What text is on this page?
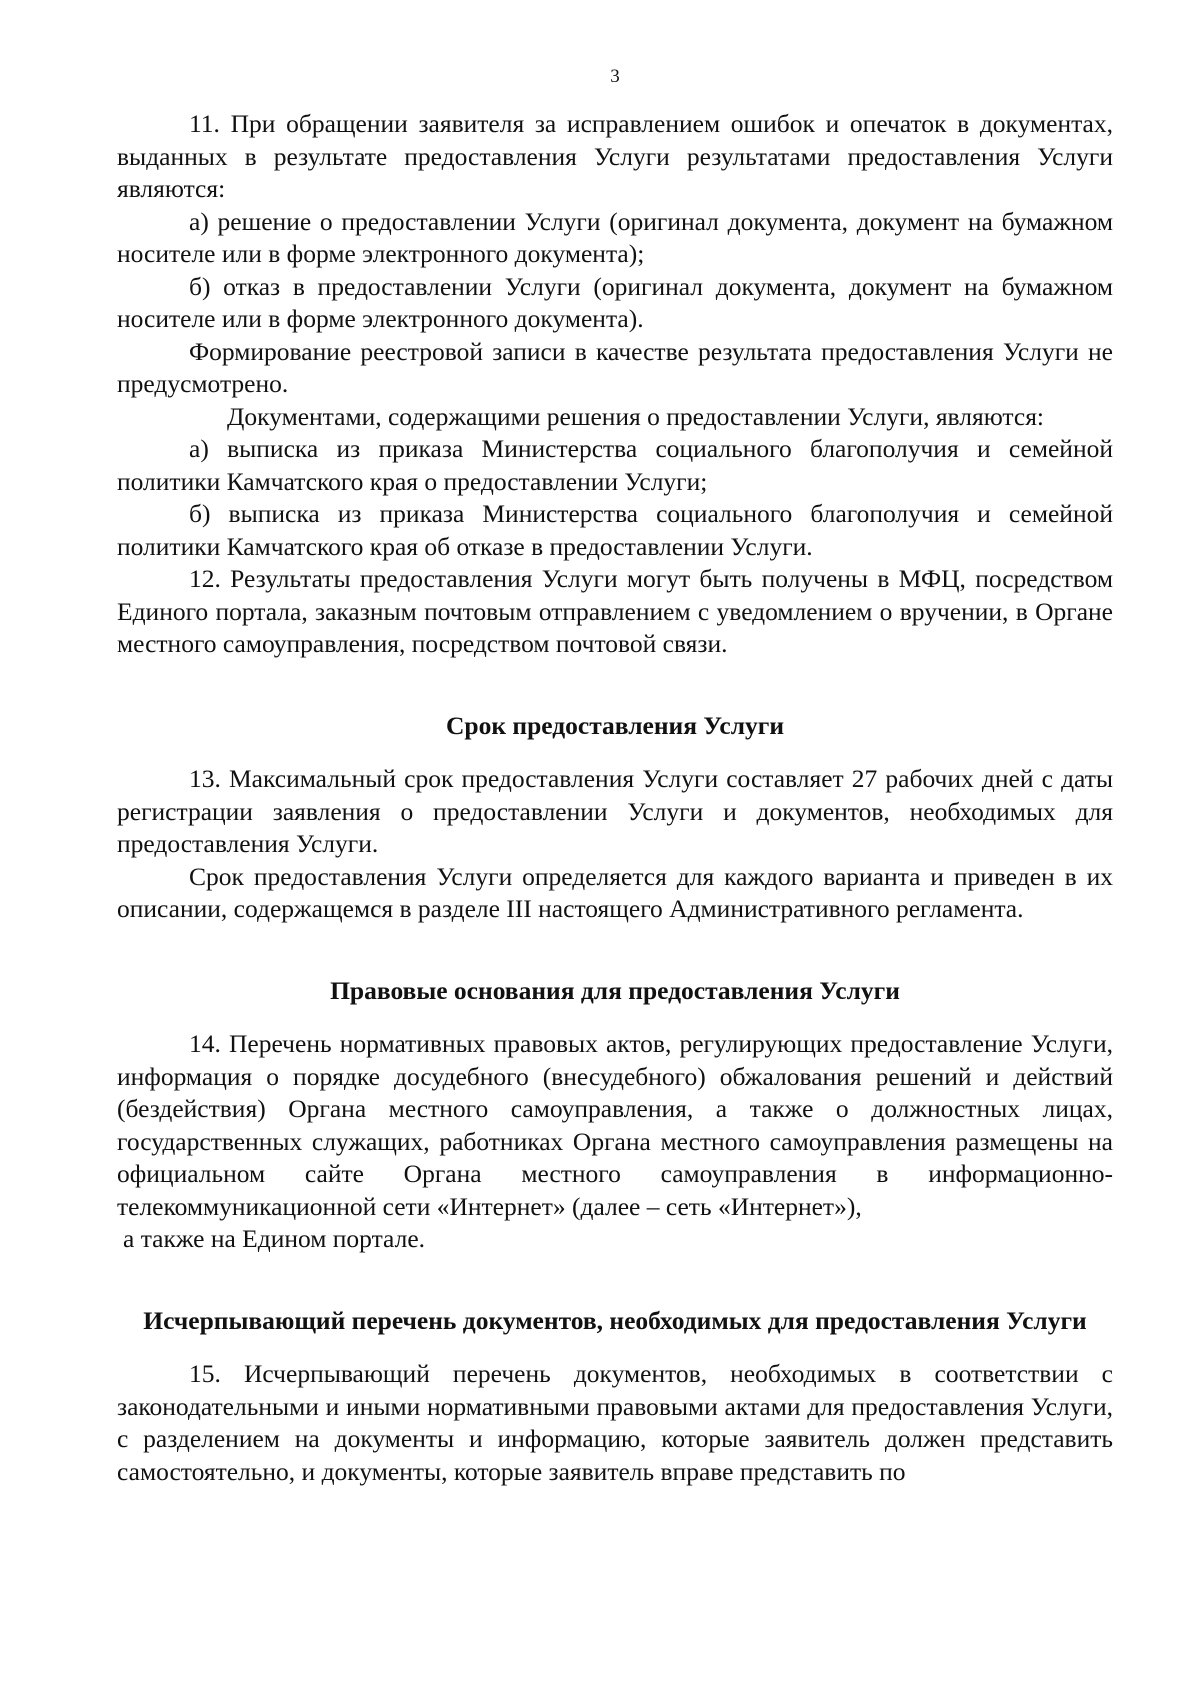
3

11. При обращении заявителя за исправлением ошибок и опечаток в документах, выданных в результате предоставления Услуги результатами предоставления Услуги являются:

а) решение о предоставлении Услуги (оригинал документа, документ на бумажном носителе или в форме электронного документа);

б) отказ в предоставлении Услуги (оригинал документа, документ на бумажном носителе или в форме электронного документа).

Формирование реестровой записи в качестве результата предоставления Услуги не предусмотрено.

Документами, содержащими решения о предоставлении Услуги, являются:

а) выписка из приказа Министерства социального благополучия и семейной политики Камчатского края о предоставлении Услуги;

б) выписка из приказа Министерства социального благополучия и семейной политики Камчатского края об отказе в предоставлении Услуги.

12. Результаты предоставления Услуги могут быть получены в МФЦ, посредством Единого портала, заказным почтовым отправлением с уведомлением о вручении, в Органе местного самоуправления, посредством почтовой связи.

Срок предоставления Услуги

13. Максимальный срок предоставления Услуги составляет 27 рабочих дней с даты регистрации заявления о предоставлении Услуги и документов, необходимых для предоставления Услуги.

Срок предоставления Услуги определяется для каждого варианта и приведен в их описании, содержащемся в разделе III настоящего Административного регламента.

Правовые основания для предоставления Услуги

14. Перечень нормативных правовых актов, регулирующих предоставление Услуги, информация о порядке досудебного (внесудебного) обжалования решений и действий (бездействия) Органа местного самоуправления, а также о должностных лицах, государственных служащих, работниках Органа местного самоуправления размещены на официальном сайте Органа местного самоуправления в информационно-телекоммуникационной сети «Интернет» (далее – сеть «Интернет»),

а также на Едином портале.

Исчерпывающий перечень документов, необходимых для предоставления Услуги

15. Исчерпывающий перечень документов, необходимых в соответствии с законодательными и иными нормативными правовыми актами для предоставления Услуги, с разделением на документы и информацию, которые заявитель должен представить самостоятельно, и документы, которые заявитель вправе представить по
